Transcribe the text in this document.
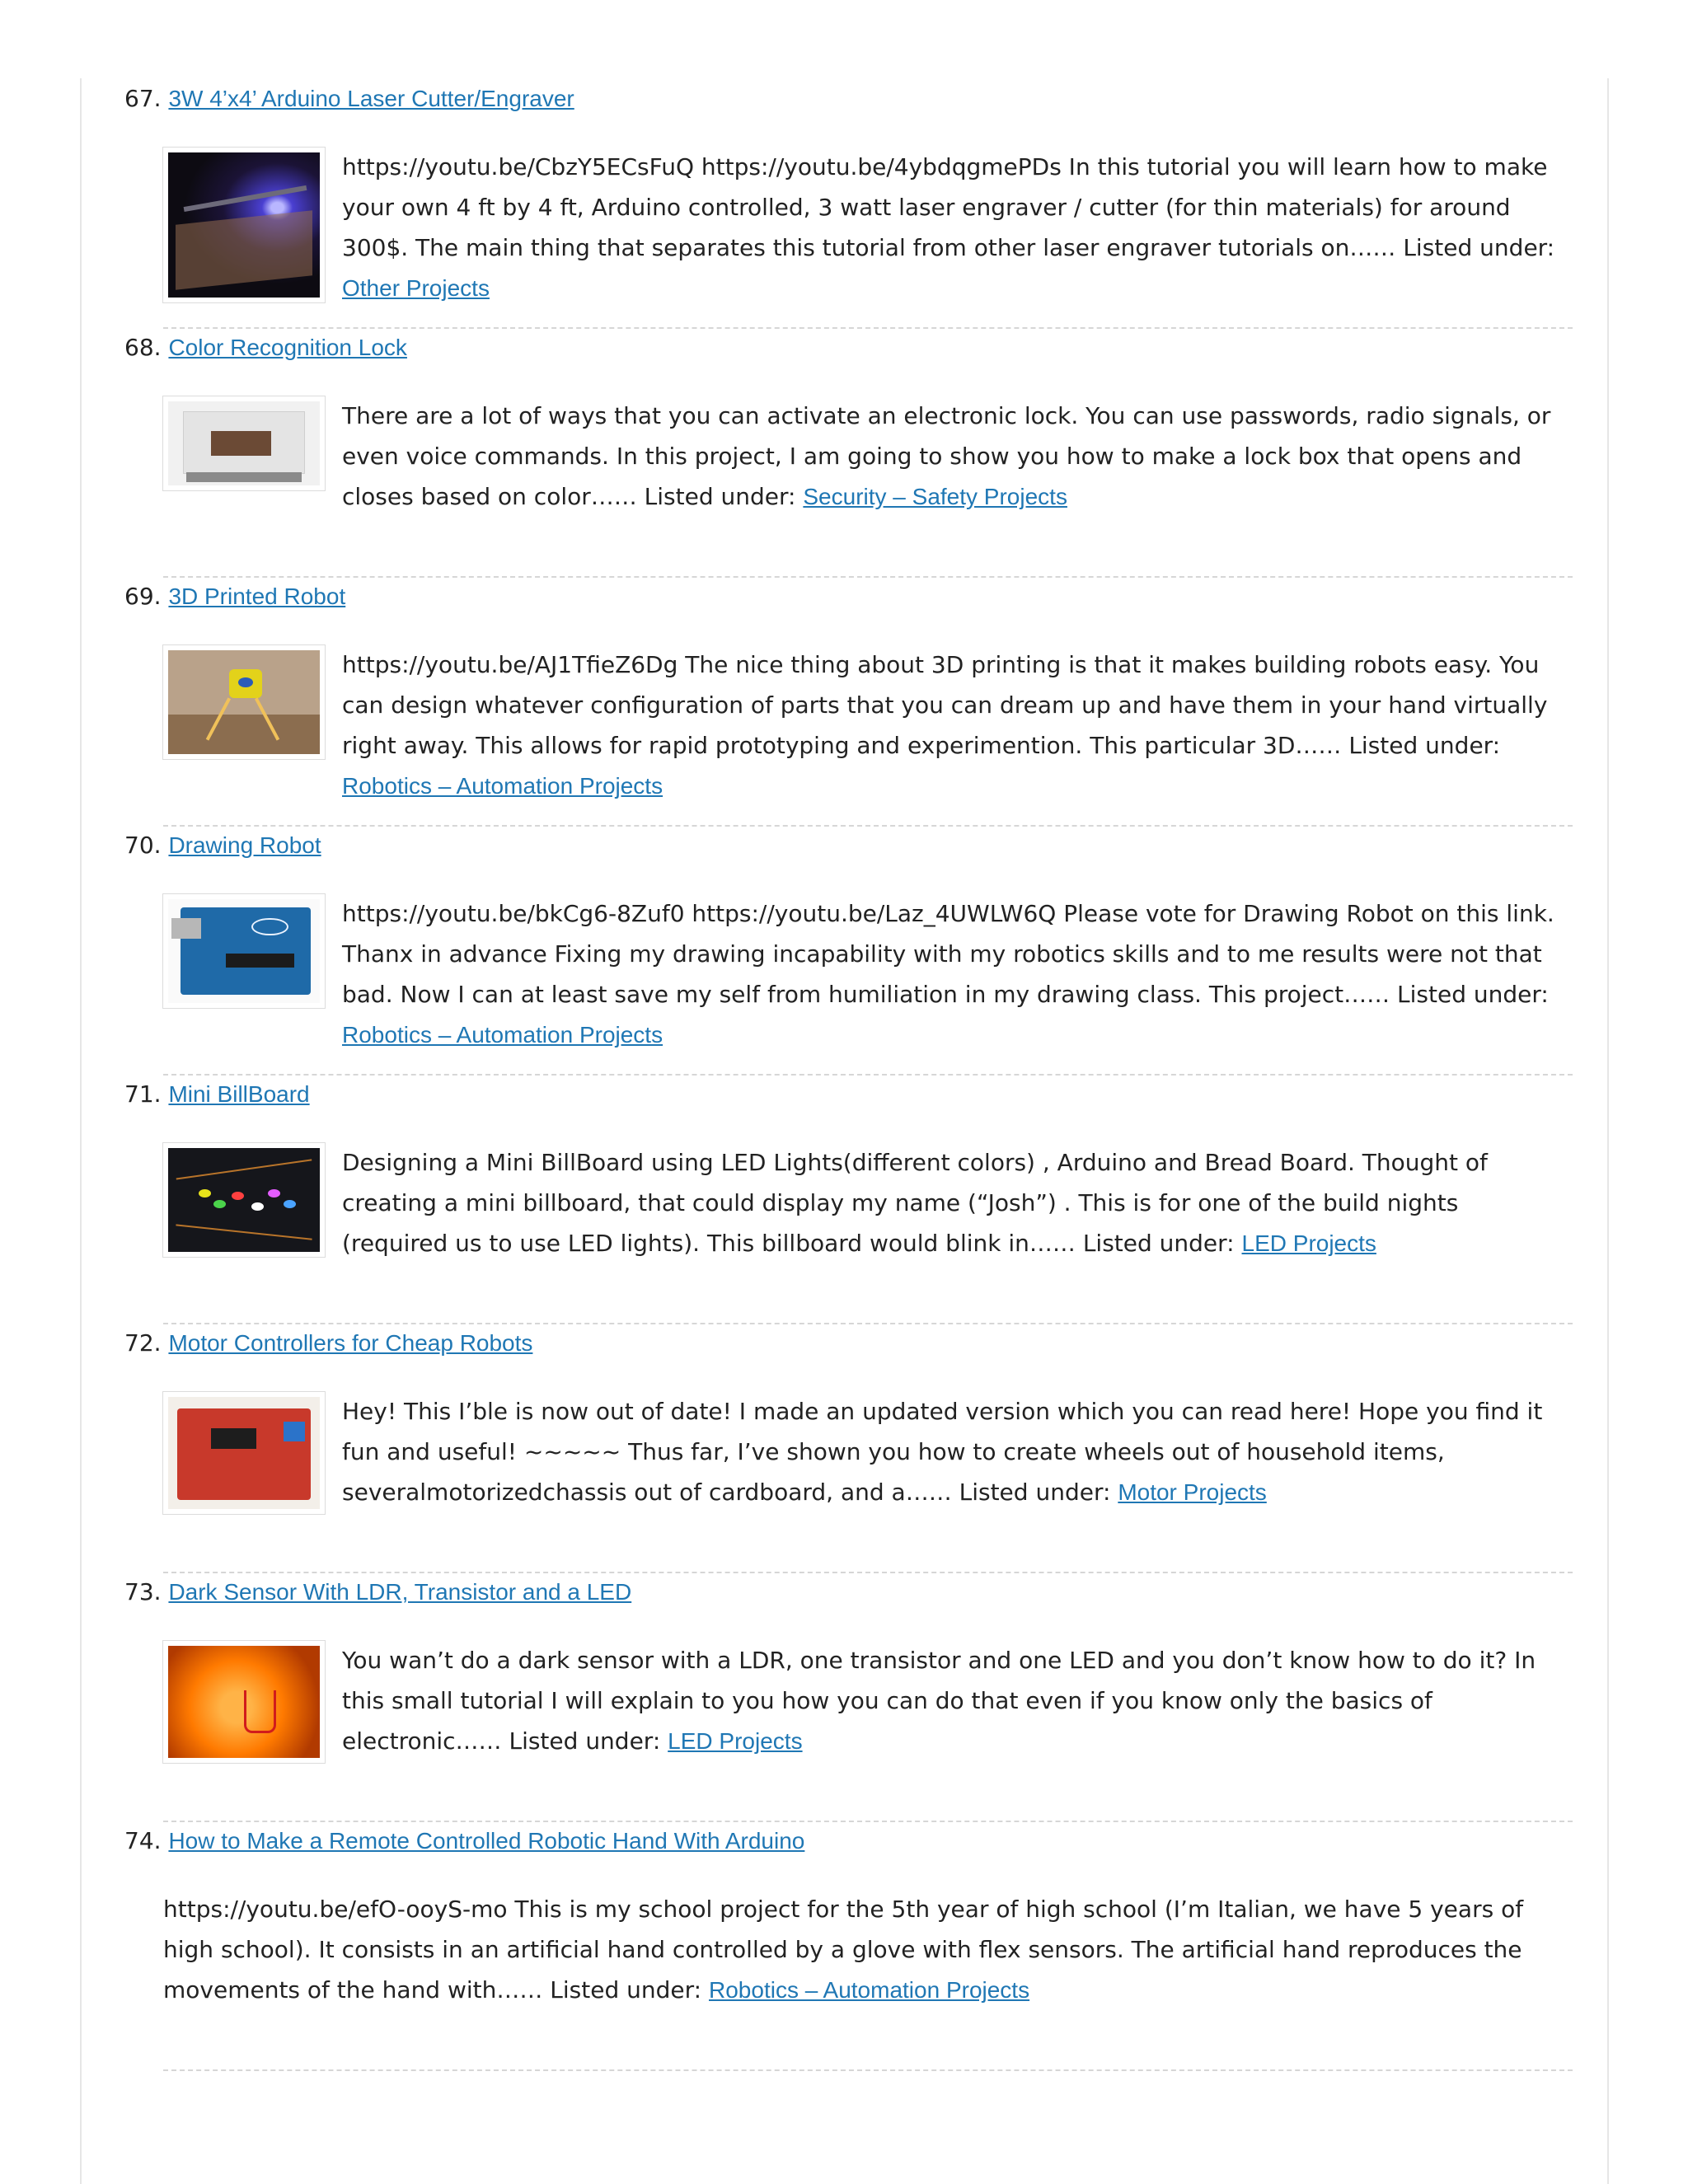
67. 3W 4’x4’ Arduino Laser Cutter/Engraver
https://youtu.be/CbzY5ECsFuQ https://youtu.be/4ybdqgmePDs In this tutorial you will learn how to make your own 4 ft by 4 ft, Arduino controlled, 3 watt laser engraver / cutter (for thin materials) for around 300$. The main thing that separates this tutorial from other laser engraver tutorials on…… Listed under: Other Projects
68. Color Recognition Lock
There are a lot of ways that you can activate an electronic lock. You can use passwords, radio signals, or even voice commands. In this project, I am going to show you how to make a lock box that opens and closes based on color…… Listed under: Security – Safety Projects
69. 3D Printed Robot
https://youtu.be/AJ1TfieZ6Dg The nice thing about 3D printing is that it makes building robots easy. You can design whatever configuration of parts that you can dream up and have them in your hand virtually right away. This allows for rapid prototyping and experimention. This particular 3D…… Listed under: Robotics – Automation Projects
70. Drawing Robot
https://youtu.be/bkCg6-8Zuf0 https://youtu.be/Laz_4UWLW6Q Please vote for Drawing Robot on this link. Thanx in advance Fixing my drawing incapability with my robotics skills and to me results were not that bad. Now I can at least save my self from humiliation in my drawing class. This project…… Listed under: Robotics – Automation Projects
71. Mini BillBoard
Designing a Mini BillBoard using LED Lights(different colors) , Arduino and Bread Board. Thought of creating a mini billboard, that could display my name (“Josh”) . This is for one of the build nights (required us to use LED lights). This billboard would blink in…… Listed under: LED Projects
72. Motor Controllers for Cheap Robots
Hey! This I’ble is now out of date! I made an updated version which you can read here! Hope you find it fun and useful! ~~~~~ Thus far, I’ve shown you how to create wheels out of household items, severalmotorizedchassis out of cardboard, and a…… Listed under: Motor Projects
73. Dark Sensor With LDR, Transistor and a LED
You wan’t do a dark sensor with a LDR, one transistor and one LED and you don’t know how to do it? In this small tutorial I will explain to you how you can do that even if you know only the basics of electronic…… Listed under: LED Projects
74. How to Make a Remote Controlled Robotic Hand With Arduino
https://youtu.be/efO-ooyS-mo This is my school project for the 5th year of high school (I’m Italian, we have 5 years of high school). It consists in an artificial hand controlled by a glove with flex sensors. The artificial hand reproduces the movements of the hand with…… Listed under: Robotics – Automation Projects
